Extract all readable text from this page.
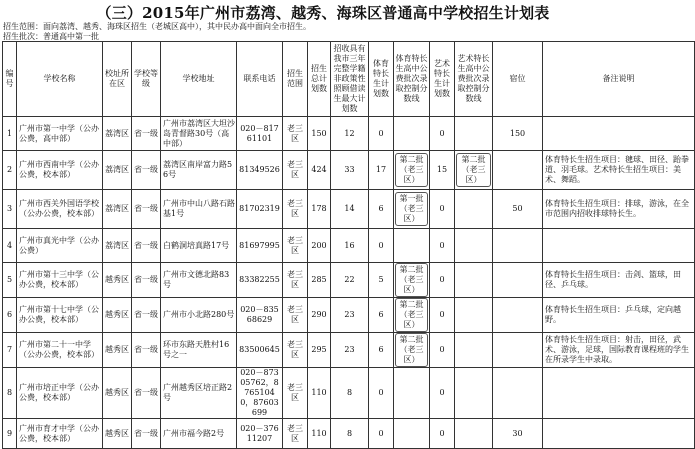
（三）2015年广州市荔湾、越秀、海珠区普通高中学校招生计划表
招生范围：面向荔湾、越秀、海珠区招生（老城区高中），其中民办高中面向全市招生。
招生批次：普通高中第一批
编号	学校名称	校址所在区	学校等级	学校地址	联系电话	招生范围	招生总计划数	招收具有我市三年完整学籍非政策性照顾借读生最大计划数	体育特长生计划数	体育特长生高中公费批次录取控制分数线	艺术特长生计划数	艺术特长生高中公费批次录取控制分数线	宿位	备注说明
1	广州市第一中学（公办公费，高中部）	荔湾区	省一级	广州市荔湾区大坦沙岛青督路30号（高中部）	020－81761101	老三区	150	12	0		0		150	
2	广州市西南中学（公办公费，校本部）	荔湾区	省一级	荔湾区南岸富力路56号	81349526	老三区	424	33	17	第二批（老三区）	15	第二批（老三区）		体育特长生招生项目：毽球、田径、跆拳道、羽毛球。艺术特长生招生项目：美术、舞蹈。
3	广州市西关外国语学校（公办公费，校本部）	荔湾区	省一级	广州市中山八路石路基1号	81702319	老三区	178	14	6	第一批（老三区）	0		50	体育特长生招生项目：排球，游泳，在全市范围内招收排球特长生。
4	广州市真光中学（公办公费）	荔湾区	省一级	白鹤洞培真路17号	81697995	老三区	200	16	0		0			
5	广州市第十三中学（公办公费，校本部）	越秀区	省一级	广州市文德北路83号	83382255	老三区	285	22	5	第二批（老三区）	0			体育特长生招生项目：击剑、篮球，田径、乒乓球。
6	广州市第十七中学（公办公费，校本部）	越秀区	省一级	广州市小北路280号	020－83568629	老三区	290	23	6	第二批（老三区）	0			体育特长生招生项目：乒乓球，定向越野。
7	广州市第二十一中学（公办公费，校本部）	越秀区	省一级	环市东路天胜村16号之一	83500645	老三区	295	23	6	第二批（老三区）	0			体育特长生招生项目：射击，田径，武术、游泳，足球，国际教育课程班的学生在所录学生中录取。
8	广州市培正中学（公办公费，校本部）	越秀区	省一级	广州越秀区培正路2号	020－87305762，87651040，87603699	老三区	110	8	0		0			
9	广州市育才中学（公办公费，校本部）	越秀区	省一级	广州市福今路2号	020－37611207	老三区	110	8	0		0		30	
